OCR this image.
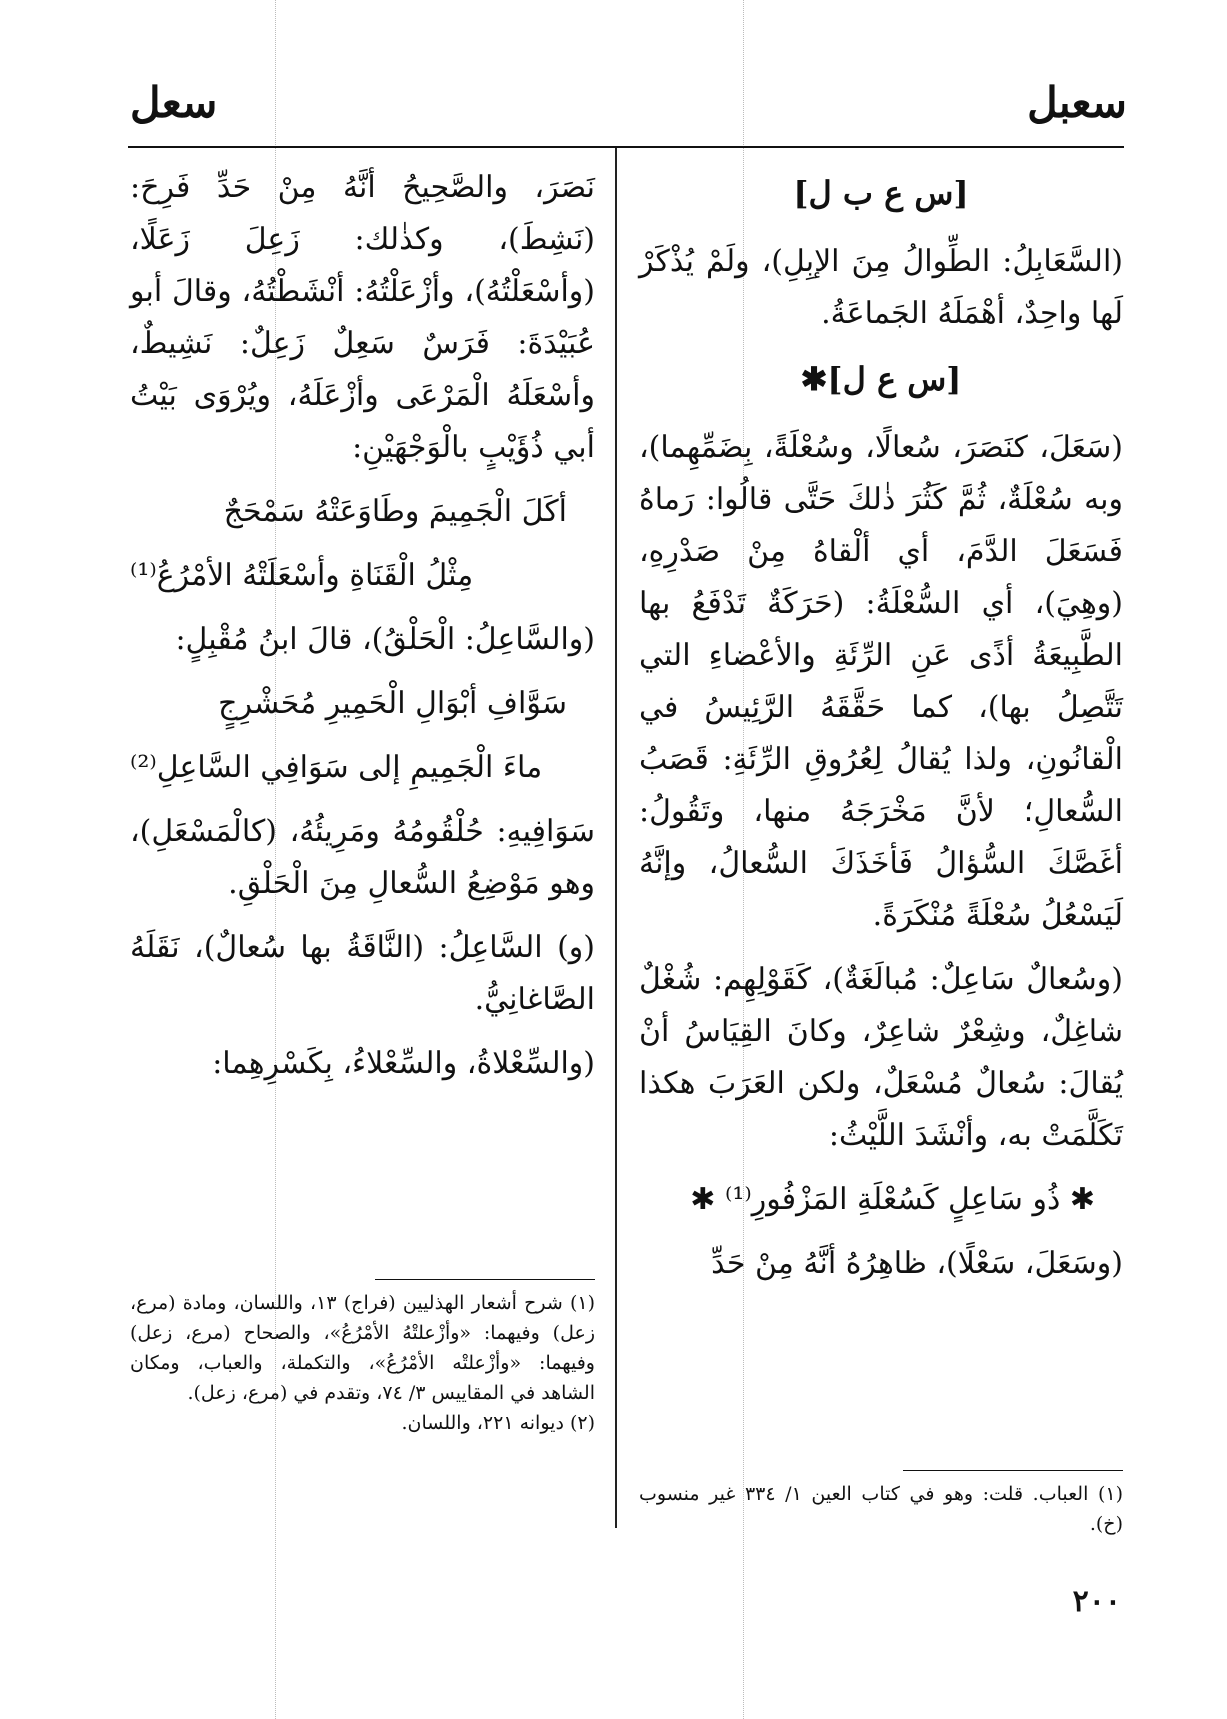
سعبل
سعل
[س ع ب ل]

(السَّعَابِلُ: الطِّوالُ مِنَ الإبِلِ)، ولَمْ يُذْكَرْ لَها واحِدٌ، أهْمَلَهُ الجَماعَةُ.

[س ع ل]✱

(سَعَلَ، كنَصَرَ، سُعالًا، وسُعْلَةً، بِضَمِّهِما)، وبه سُعْلَةٌ، ثُمَّ كَثُرَ ذٰلكَ حَتَّى قالُوا: رَماهُ فَسَعَلَ الدَّمَ، أي ألْقاهُ مِنْ صَدْرِهِ، (وهِيَ)، أي السُّعْلَةُ: (حَرَكَةٌ تَدْفَعُ بها الطَّبِيعَةُ أذًى عَنِ الرِّئَةِ والأعْضاءِ التي تَتَّصِلُ بها)، كما حَقَّقَهُ الرَّئِيسُ في الْقانُونِ، ولذا يُقالُ لِعُرُوقِ الرِّئَةِ: قَصَبُ السُّعالِ؛ لأنَّ مَخْرَجَهُ منها، وتَقُولُ: أغَصَّكَ السُّؤالُ فَأخَذَكَ السُّعالُ، وإنَّهُ لَيَسْعُلُ سُعْلَةً مُنْكَرَةً.

(وسُعالٌ سَاعِلٌ: مُبالَغَةٌ)، كَقَوْلِهِم: شُغْلٌ شاغِلٌ، وشِعْرٌ شاعِرٌ، وكانَ القِيَاسُ أنْ يُقالَ: سُعالٌ مُسْعَلٌ، ولكن العَرَبَ هكذا تَكَلَّمَتْ به، وأنْشَدَ اللَّيْثُ:

✱ ذُو سَاعِلٍ كَسُعْلَةِ المَزْفُورِ⁽¹⁾ ✱

(وسَعَلَ، سَعْلًا)، ظاهِرُهُ أنَّهُ مِنْ حَدِّ

نَصَرَ، والصَّحِيحُ أنَّهُ مِنْ حَدِّ فَرِحَ: (نَشِطَ)، وكذٰلك: زَعِلَ زَعَلًا، (وأسْعَلْتُهُ)، وأزْعَلْتُهُ: أنْشَطْتُهُ، وقالَ أبو عُبَيْدَةَ: فَرَسٌ سَعِلٌ زَعِلٌ: نَشِيطٌ، وأسْعَلَهُ الْمَرْعَى وأزْعَلَهُ، ويُرْوَى بَيْتُ أبي ذُؤَيْبٍ بالْوَجْهَيْنِ:

أكَلَ الْجَمِيمَ وطَاوَعَتْهُ سَمْحَجٌ

مِثْلُ الْقَنَاةِ وأسْعَلَتْهُ الأمْرُعُ⁽¹⁾

(والسَّاعِلُ: الْحَلْقُ)، قالَ ابنُ مُقْبِلٍ:

سَوَّافِ أبْوَالِ الْحَمِيرِ مُحَشْرِجٍ

ماءَ الْجَمِيمِ إلى سَوَافِي السَّاعِلِ⁽²⁾

سَوَافِيهِ: حُلْقُومُهُ ومَرِيئُهُ، (كالْمَسْعَلِ)، وهو مَوْضِعُ السُّعالِ مِنَ الْحَلْقِ.

(و) السَّاعِلُ: (النَّاقَةُ بها سُعالٌ)، نَقَلَهُ الصَّاغانِيُّ.

(والسِّعْلاةُ، والسِّعْلاءُ، بِكَسْرِهِما:

(١) شرح أشعار الهذليين (فراج) ١٣، واللسان، ومادة (مرع، زعل) وفيهما: «وأزْعلتْهُ الأمْرُعُ»، والصحاح (مرع، زعل) وفيهما: «وأزْعلتْه الأمْرُعُ»، والتكملة، والعباب، ومكان الشاهد في المقاييس ٣/ ٧٤، وتقدم في (مرع، زعل).

(٢) ديوانه ٢٢١، واللسان.

(١) العباب. قلت: وهو في كتاب العين ١/ ٣٣٤ غير منسوب (خ).

٢٠٠
